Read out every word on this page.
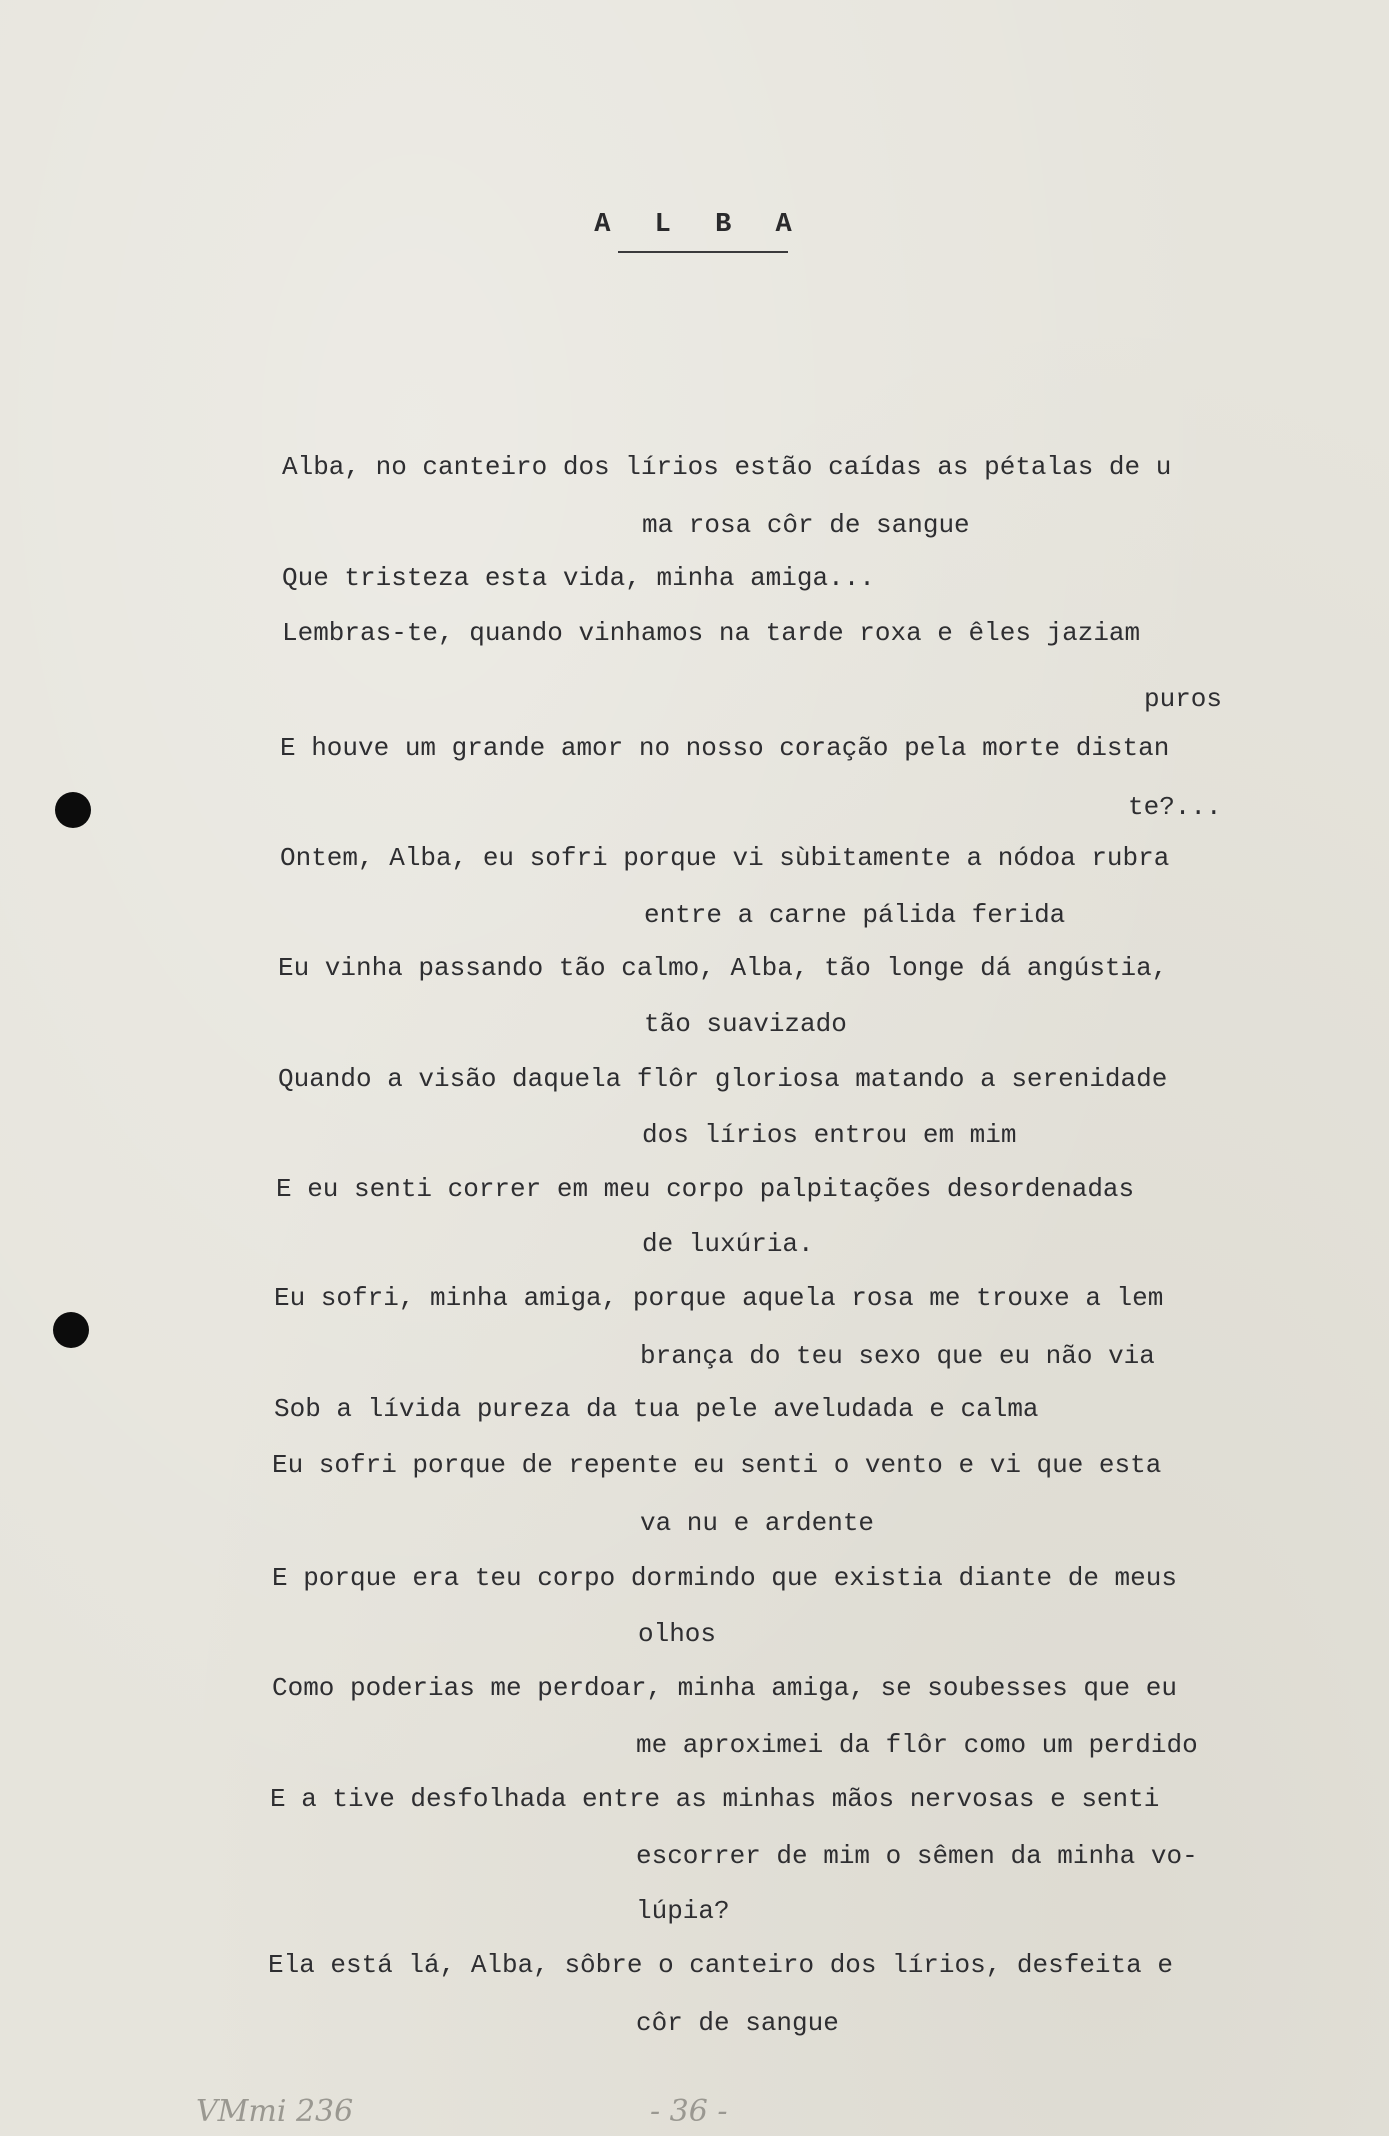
A L B A
Alba, no canteiro dos lírios estão caídas as pétalas de u
ma rosa côr de sangue
Que tristeza esta vida, minha amiga...
Lembras-te, quando vinhamos na tarde roxa e êles jaziam
puros
E houve um grande amor no nosso coração pela morte distan
te?...
Ontem, Alba, eu sofri porque vi sùbitamente a nódoa rubra
entre a carne pálida ferida
Eu vinha passando tão calmo, Alba, tão longe dá angústia,
tão suavizado
Quando a visão daquela flôr gloriosa matando a serenidade
dos lírios entrou em mim
E eu senti correr em meu corpo palpitações desordenadas
de luxúria.
Eu sofri, minha amiga, porque aquela rosa me trouxe a lem
brança do teu sexo que eu não via
Sob a lívida pureza da tua pele aveludada e calma
Eu sofri porque de repente eu senti o vento e vi que esta
va nu e ardente
E porque era teu corpo dormindo que existia diante de meus
olhos
Como poderias me perdoar, minha amiga, se soubesses que eu
me aproximei da flôr como um perdido
E a tive desfolhada entre as minhas mãos nervosas e senti
escorrer de mim o sêmen da minha vo-
lúpia?
Ela está lá, Alba, sôbre o canteiro dos lírios, desfeita e
côr de sangue
VMmi 236	- 36 -
